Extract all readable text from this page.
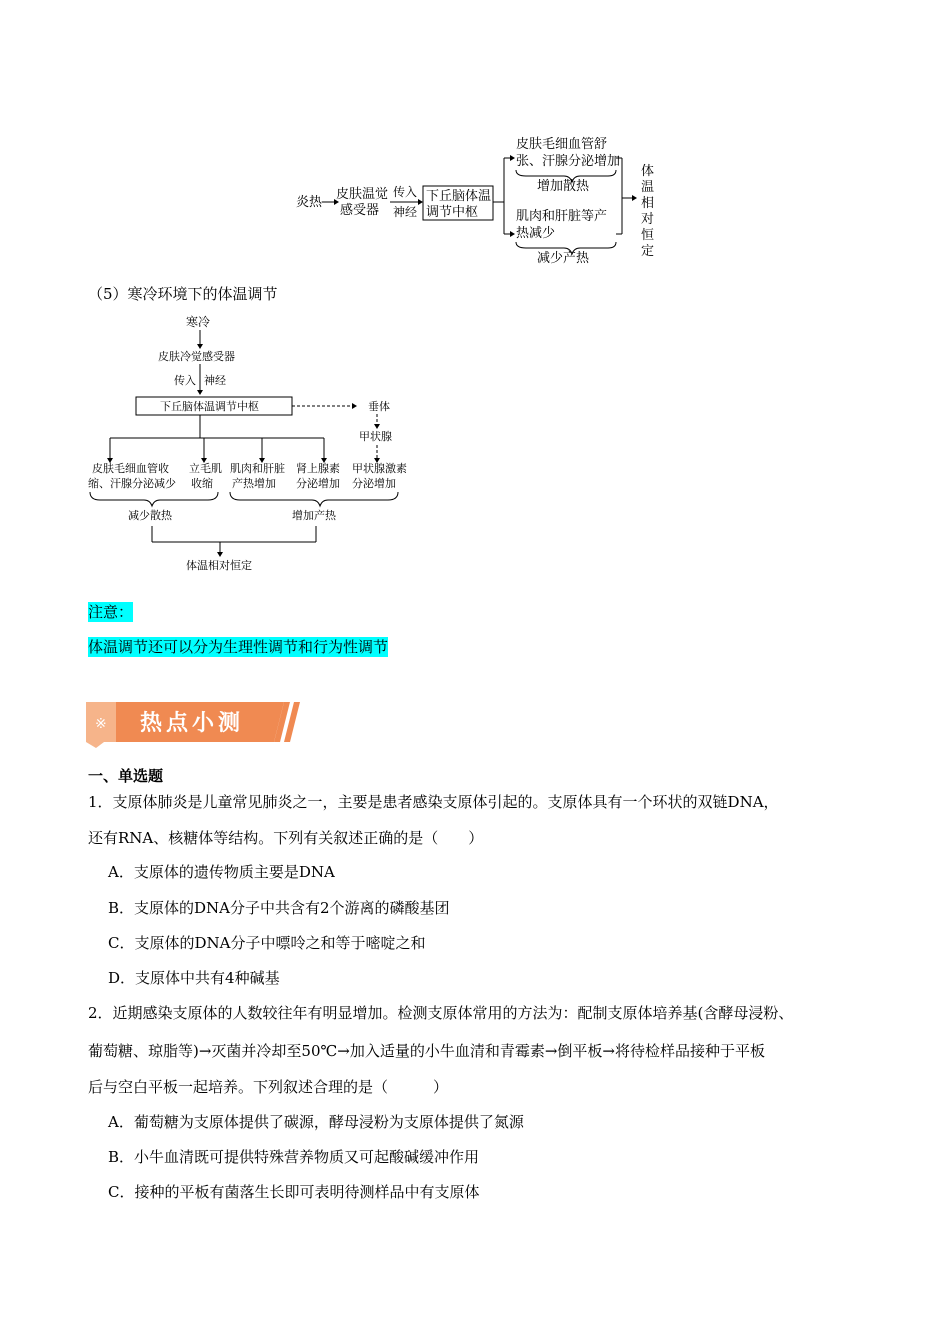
炎热
皮肤温觉
感受器
传入
神经
下丘脑体温
调节中枢
皮肤毛细血管舒
张、汗腺分泌增加
增加散热
肌肉和肝脏等产
热减少
减少产热
体
温
相
对
恒
定
（5）寒冷环境下的体温调节
寒冷
皮肤冷觉感受器
传入 神经
下丘脑体温调节中枢	垂体
甲状腺
皮肤毛细血管收
缩、汗腺分泌减少
立毛肌
收缩
肌肉和肝脏
产热增加
肾上腺素
分泌增加
甲状腺激素
分泌增加
减少散热	增加产热
体温相对恒定
注意：
体温调节还可以分为生理性调节和行为性调节
※ 热点小测
一、单选题
1．支原体肺炎是儿童常见肺炎之一，主要是患者感染支原体引起的。支原体具有一个环状的双链DNA，
还有RNA、核糖体等结构。下列有关叙述正确的是（　　）
A．支原体的遗传物质主要是DNA
B．支原体的DNA分子中共含有2个游离的磷酸基团
C．支原体的DNA分子中嘌呤之和等于嘧啶之和
D．支原体中共有4种碱基
2．近期感染支原体的人数较往年有明显增加。检测支原体常用的方法为：配制支原体培养基(含酵母浸粉、
葡萄糖、琼脂等)→灭菌并冷却至50℃→加入适量的小牛血清和青霉素→倒平板→将待检样品接种于平板
后与空白平板一起培养。下列叙述合理的是（　　　）
A．葡萄糖为支原体提供了碳源，酵母浸粉为支原体提供了氮源
B．小牛血清既可提供特殊营养物质又可起酸碱缓冲作用
C．接种的平板有菌落生长即可表明待测样品中有支原体
